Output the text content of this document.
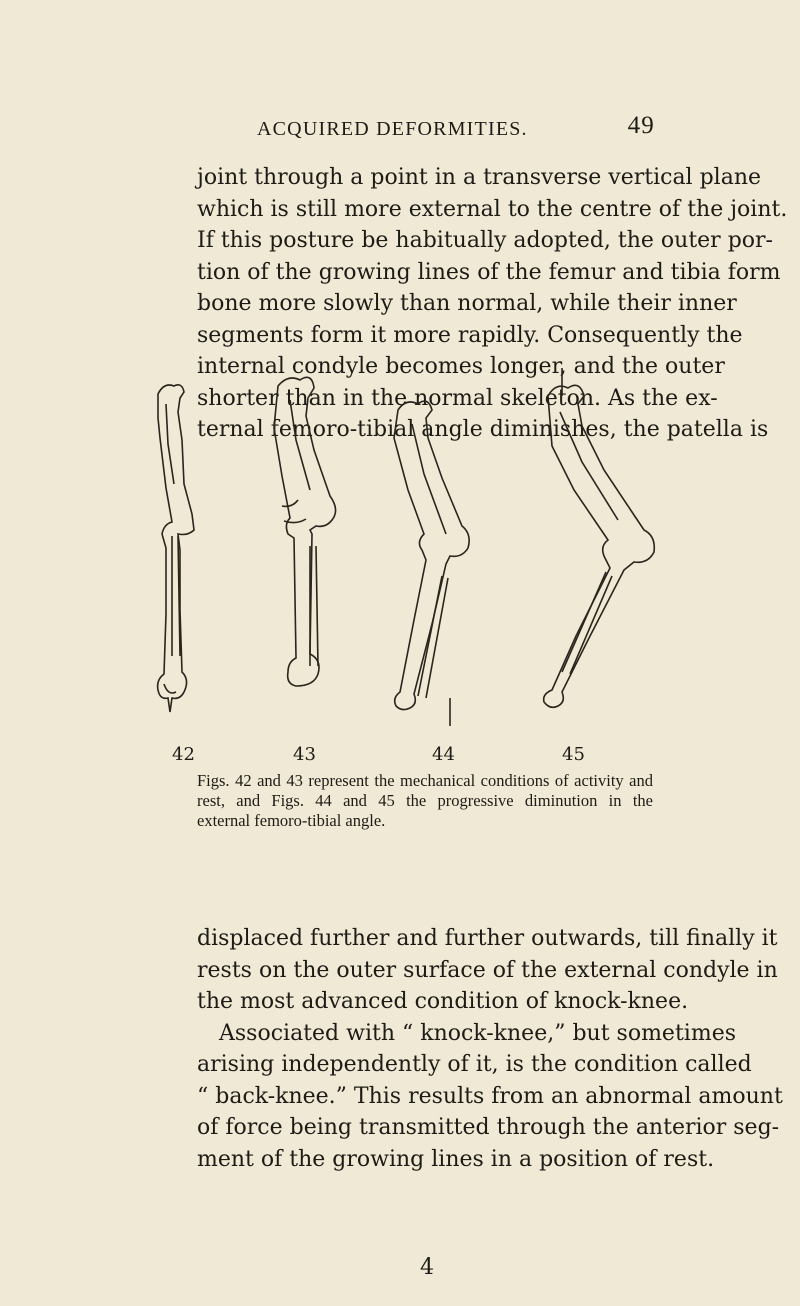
ACQUIRED DEFORMITIES.	49
joint through a point in a transverse vertical plane
which is still more external to the centre of the joint.
If this posture be habitually adopted, the outer por-
tion of the growing lines of the femur and tibia form
bone more slowly than normal, while their inner
segments form it more rapidly. Consequently the
internal condyle becomes longer, and the outer
shorter than in the normal skeleton. As the ex-
ternal femoro-tibial angle diminishes, the patella is
42	43	44	45
Figs. 42 and 43 represent the mechanical conditions of activity and
rest, and Figs. 44 and 45 the progressive diminution in the
external femoro-tibial angle.
displaced further and further outwards, till finally it
rests on the outer surface of the external condyle in
the most advanced condition of knock-knee.
Associated with “ knock-knee,” but sometimes
arising independently of it, is the condition called
“ back-knee.” This results from an abnormal amount
of force being transmitted through the anterior seg-
ment of the growing lines in a position of rest.
4
